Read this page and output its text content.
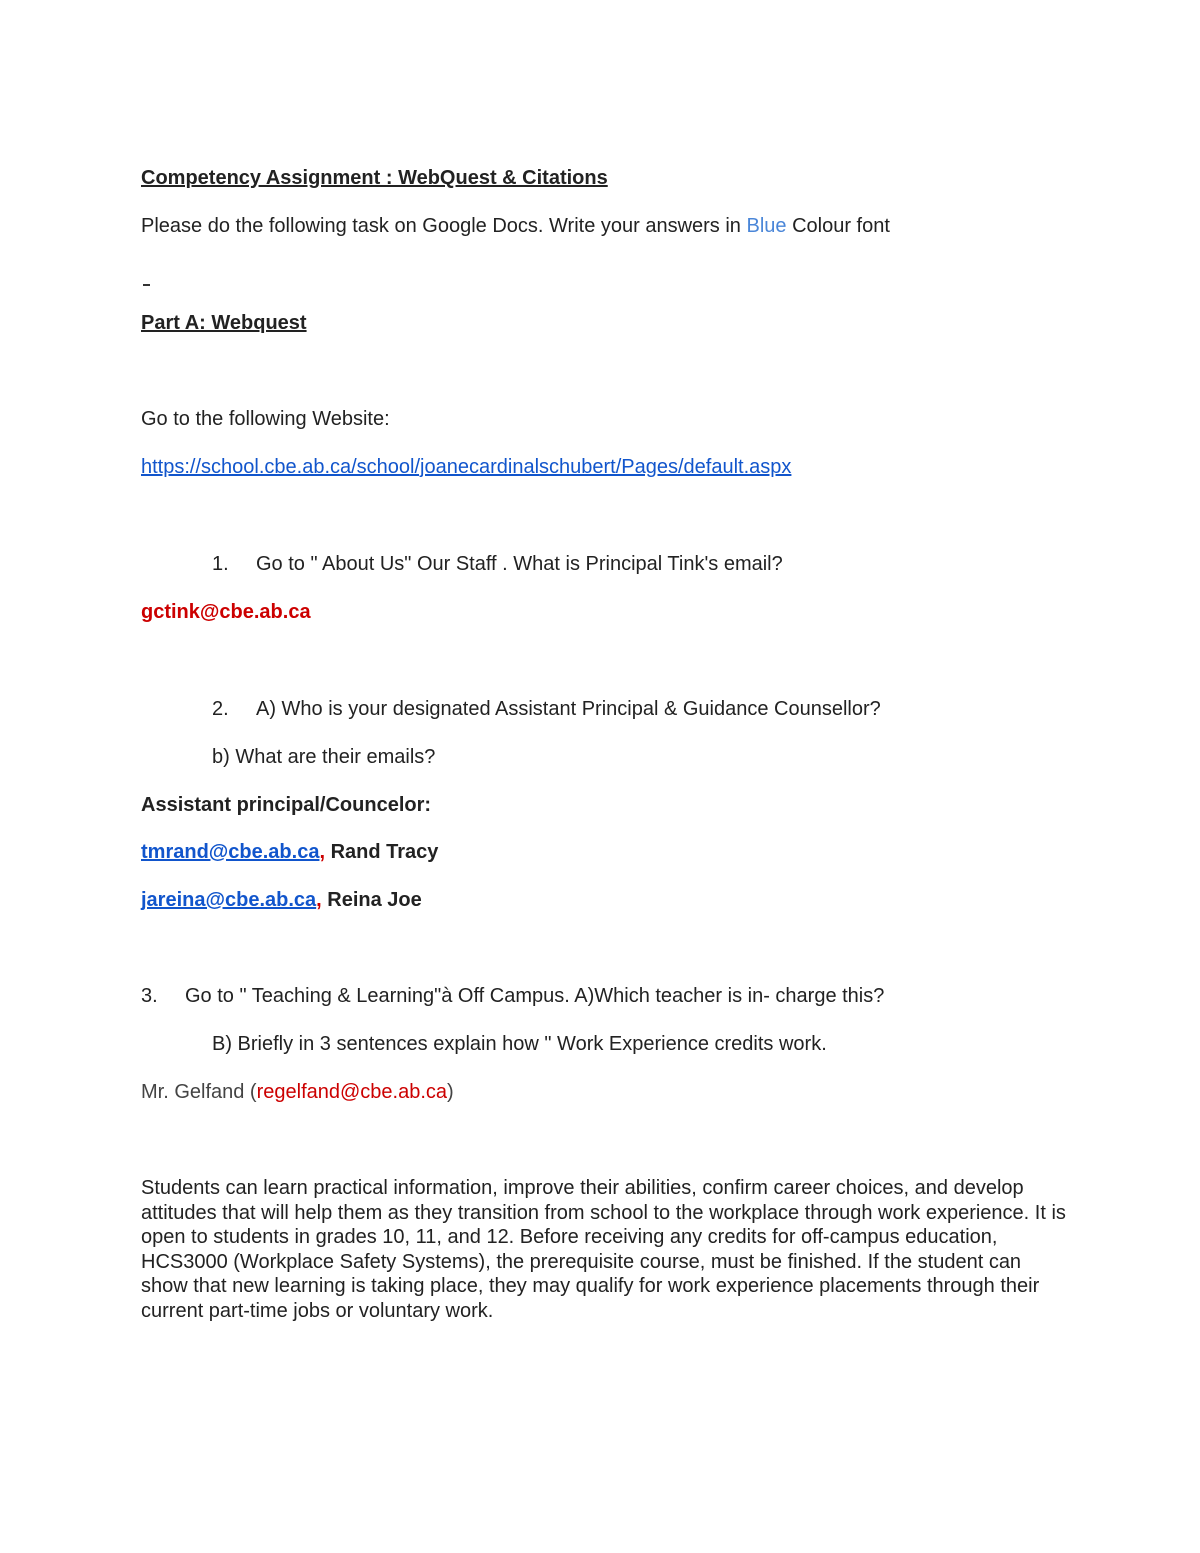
Competency Assignment : WebQuest & Citations
Please do the following task on Google Docs. Write your answers in Blue Colour font
Part A: Webquest
Go to the following Website:
https://school.cbe.ab.ca/school/joanecardinalschubert/Pages/default.aspx
1. Go to " About Us" Our Staff . What is Principal Tink's email?
gctink@cbe.ab.ca
2. A) Who is your designated Assistant Principal & Guidance Counsellor?
b) What are their emails?
Assistant principal/Councelor:
tmrand@cbe.ab.ca, Rand Tracy
jareina@cbe.ab.ca, Reina Joe
3. Go to " Teaching & Learning"à Off Campus. A)Which teacher is in- charge this?
B) Briefly in 3 sentences explain how " Work Experience credits work.
Mr. Gelfand (regelfand@cbe.ab.ca)
Students can learn practical information, improve their abilities, confirm career choices, and develop attitudes that will help them as they transition from school to the workplace through work experience. It is open to students in grades 10, 11, and 12. Before receiving any credits for off-campus education, HCS3000 (Workplace Safety Systems), the prerequisite course, must be finished. If the student can show that new learning is taking place, they may qualify for work experience placements through their current part-time jobs or voluntary work.
